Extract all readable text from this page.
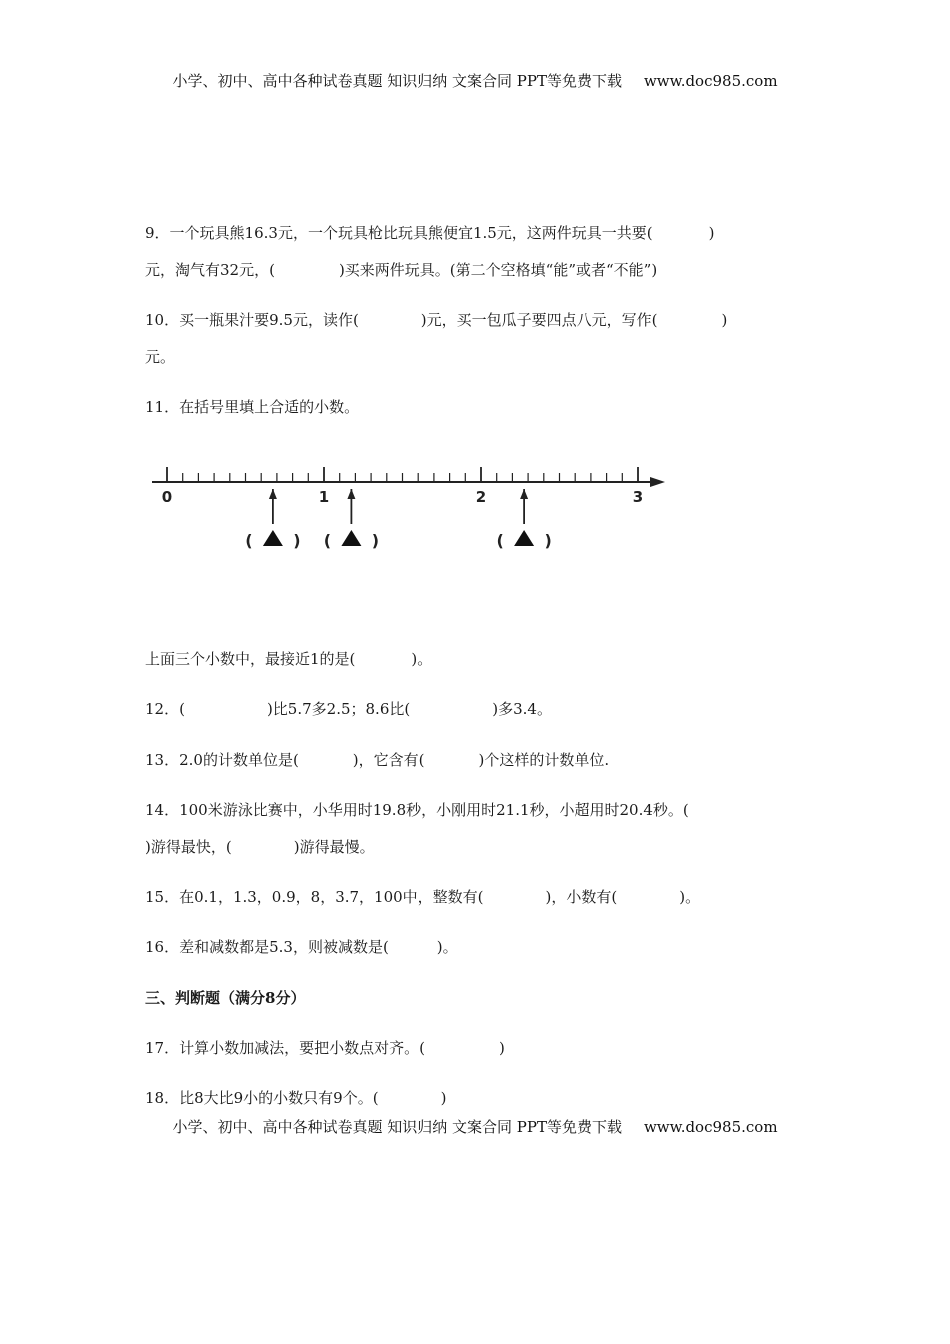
小学、初中、高中各种试卷真题 知识归纳 文案合同 PPT等免费下载 www.doc985.com
9．一个玩具熊16.3元，一个玩具枪比玩具熊便宜1.5元，这两件玩具一共要(	)
元，淘气有32元，(	)买来两件玩具。(第二个空格填“能”或者“不能”)
10．买一瓶果汁要9.5元，读作(	)元，买一包瓜子要四点八元，写作(	)
元。
11．在括号里填上合适的小数。
0	1	2	3
(	) (	)	(	)
上面三个小数中，最接近1的是(	)。
12．(	)比5.7多2.5；8.6比(	)多3.4。
13．2.0的计数单位是(	)，它含有(	)个这样的计数单位.
14．100米游泳比赛中，小华用时19.8秒，小刚用时21.1秒，小超用时20.4秒。(
)游得最快，(	)游得最慢。
15．在0.1，1.3，0.9，8，3.7，100中，整数有(	)，小数有(	)。
16．差和减数都是5.3，则被减数是(	)。
三、判断题（满分8分）
17．计算小数加减法，要把小数点对齐。(	)
18．比8大比9小的小数只有9个。(	)
小学、初中、高中各种试卷真题 知识归纳 文案合同 PPT等免费下载 www.doc985.com
